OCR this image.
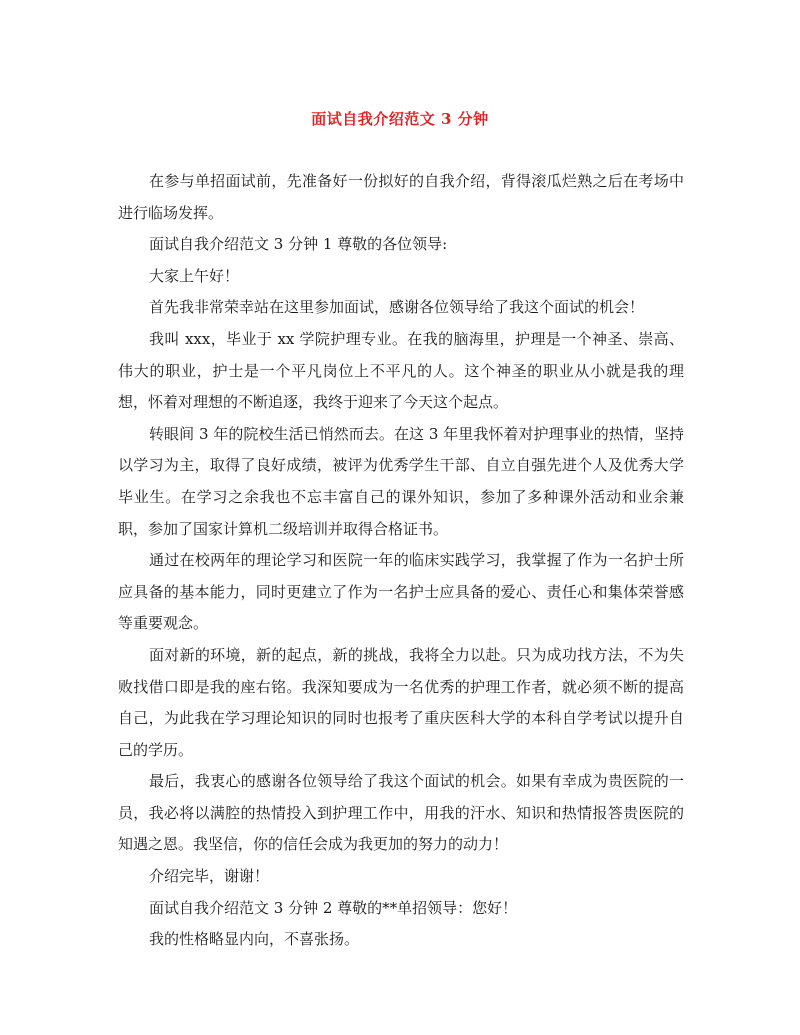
面试自我介绍范文 3 分钟

在参与单招面试前，先准备好一份拟好的自我介绍，背得滚瓜烂熟之后在考场中进行临场发挥。

面试自我介绍范文 3 分钟 1 尊敬的各位领导:

大家上午好！

首先我非常荣幸站在这里参加面试，感谢各位领导给了我这个面试的机会！

我叫 xxx，毕业于 xx 学院护理专业。在我的脑海里，护理是一个神圣、崇高、伟大的职业，护士是一个平凡岗位上不平凡的人。这个神圣的职业从小就是我的理想，怀着对理想的不断追逐，我终于迎来了今天这个起点。

转眼间 3 年的院校生活已悄然而去。在这 3 年里我怀着对护理事业的热情，坚持以学习为主，取得了良好成绩，被评为优秀学生干部、自立自强先进个人及优秀大学毕业生。在学习之余我也不忘丰富自己的课外知识，参加了多种课外活动和业余兼职，参加了国家计算机二级培训并取得合格证书。

通过在校两年的理论学习和医院一年的临床实践学习，我掌握了作为一名护士所应具备的基本能力，同时更建立了作为一名护士应具备的爱心、责任心和集体荣誉感等重要观念。

面对新的环境，新的起点，新的挑战，我将全力以赴。只为成功找方法，不为失败找借口即是我的座右铭。我深知要成为一名优秀的护理工作者，就必须不断的提高自己，为此我在学习理论知识的同时也报考了重庆医科大学的本科自学考试以提升自己的学历。

最后，我衷心的感谢各位领导给了我这个面试的机会。如果有幸成为贵医院的一员，我必将以满腔的热情投入到护理工作中，用我的汗水、知识和热情报答贵医院的知遇之恩。我坚信，你的信任会成为我更加的努力的动力！

介绍完毕，谢谢！

面试自我介绍范文 3 分钟 2 尊敬的**单招领导：您好！

我的性格略显内向，不喜张扬。
